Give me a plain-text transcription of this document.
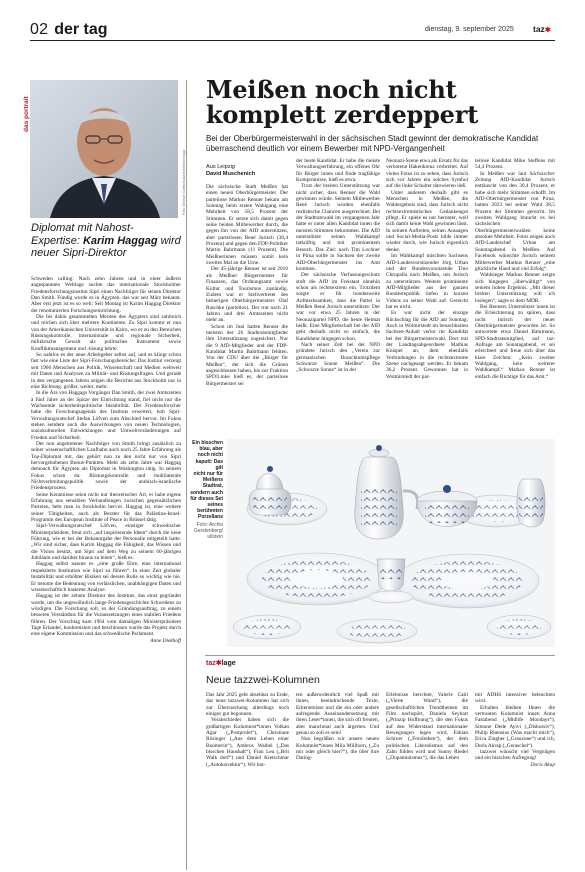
02 der tag	dienstag, 9. september 2025 taz✱
das portrait
Foto: Michael Gottschalk/photothek/Imago
Diplomat mit Nahost-Expertise: Karim Haggag wird neuer Sipri-Direktor

Schweden calling: Nach zehn Jahren und in einer äußerst angespannten Weltlage suchte das internationale Stockholmer Friedensforschungsinstitut Sipri einen Nachfolger für seinen Direktor Dan Smith. Fündig wurde es in Ägypten, das war seit März bekannt. Aber erst jetzt ist es so weit: Seit Montag ist Karim Haggag Direktor der renommierten Forschungseinrichtung.

Die bis dahin gesammelten Meriten des Ägypters sind zahlreich und reichen sich über mehrere Kontinente. Zu Sipri kommt er nun von der Amerikanischen Universität in Kairo, wo er zu den Bereichen Rüstungskontrolle, internationale und regionale Sicherheit, militärische Gewalt als politisches Instrument sowie Konfliktmanagement und -lösung lehrte.

So nahtlos es der neue Arbeitgeber selbst auf, und es klingt schon fast wie eine Liste der Sipri-Forschungsbereiche: Das Institut verzeigt seit 1966 Menschen aus Politik, Wissenschaft und Medien weltweit mit Daten und Analysen zu Militär- und Rüstungsfragen. Und gerade in den vergangenen Jahren zeigen die Berichte aus Stockholm nur in eine Richtung: größer, weiter, mehr.

In die Ära von Haggags Vorgänger Dan Smith, der zwei Amtszeiten à fünf Jahre an der Spitze der Einrichtung stand, fiel nicht nur die Wachsende sicherheitspolitische Instabilität. Der Friedensforscher habe die Forschungsagenda des Instituts erweitert, hob Sipri-Verwaltungsratschef Stefan Löfven zum Abschied hervor. Im Fokus stehen seitdem auch die Auswirkungen von neuen Technologien, soziokulturellen Entwicklungen und Umweltveränderungen auf Frieden und Sicherheit.

Der nun angetretener Nachfolger von Smith bringt zusätzlich zu seiner wissenschaftlichen Laufbahn auch noch 25 Jahre Erfahrung als Top-Diplomat mit, das gehört nun zu den nicht nur von Sipri hervorgehobenen Bonus-Punkten. Mehr als zehn Jahre war Haggag demnach für Ägypten als Diplomat in Washington tätig. In seinem Fokus schon da: Rüstungskontrolle und multilaterale Nichtverbreitungspolitik sowie der arabisch-israelische Friedensprozess.

Seine Kenntnisse seien nicht nur theoretischer Art, er habe eigene Erfahrung aus sensiblen Verhandlungen zwischen gegensätzlichen Parteien, hebt man in Stockholm hervor. Haggag ist, eine weitere seiner Tätigkeiten, auch als Berater für das Palästina-Israel-Programm des European Institute of Peace in Brüssel tätig.

Sipri-Verwaltungsratschef Löfven, einstiger schwedischer Ministerpräsident, freut sich „auf inspirierende Ideen“ durch die neue Führung, wie er bei der Bekanntgabe der Personalie mitgeteilt hatte. „Wir sind sicher, dass Karim Haggag die Fähigkeit, das Wissen und die Vision besitzt, um Sipri auf dem Weg zu seinem 60-jährigen Jubiläum und darüber hinaus zu leiten“, hieß es.

Haggag selbst nannte es „eine große Ehre, eine international respektierte Institution wie Sipri zu führen“. In einer Zeit globaler Instabilität und erhöhter Risiken sei dessen Rolle so wichtig wie nie. Er betonte die Bedeutung von verlässlichen, unabhängigen Daten und wissenschaftlich basierter Analyse.

Haggag ist der zehnte Direktor des Instituts, das einst gegründet wurde, um die ungewöhnlich lange Friedensgeschichte Schwedens zu würdigen. Die Forschung soll, so der Gründungsauftrag, zu einem besseren Verständnis für die Voraussetzungen eines stabilen Friedens führen. Der Vorschlag kam 1964 vom damaligen Ministerpräsident Tage Erlander, konkretisiert und beschlossen wurde das Projekt durch eine eigene Kommission und das schwedische Parlament.

Anne Diekhoff
Meißen noch nicht
komplett zerdeppert
Bei der Oberbürgermeisterwahl in der sächsischen Stadt gewinnt der demokratische Kandidat überraschend deutlich vor einem Bewerber mit NPD-Vergangenheit
Aus Leipzig
David Muschenich

Die sächsische Stadt Meißen hat einen neuen Oberbürgermeister. Der parteilose Markus Renner bekam am Sonntag beim ersten Wahlgang eine Mehrheit von 58,5 Prozent der Stimmen. Er setzte sich damit gegen seine beiden Mitbewerber durch, die gegen ihn von der AfD unterstützen, aber parteilosen René Jurisch (30,4 Prozent) und gegen den FDP-Politiker Martin Bahrmann (11 Prozent). Die Meißnerinnen müssen somit kein zweites Mal an die Urne.

Der 45-jährige Renner ist seit 2016 als Meißner Bürgermeister für Finanzen, das Ordnungsamt sowie Kultur und Tourismus zuständig. Zudem war er Stellvertreter des bisherigen Oberbürgermeisters Olaf Raschke (parteilos). Der trat nach 21 Jahren und drei Amtszeiten nicht mehr an.

Schon im Juni hatten Renner die meisten der 26 Stadtratsmitglieder ihre Unterstützung zugesichert. Nur die 9 AfD-Mitglieder und der FDP-Kandidat Martin Bahrmann fehlten. Von der CDU über die „Bürger für Meißen“, der sich die Grünen angeschlossen haben, bis zur Fraktion SPD/Linke hieß es, der parteilose Bürgermeister sei

der beste Kandidat. Er habe die meiste Verwaltungserfahrung, ein offenes Ohr für Bürger innen und finde tragfähige Kompromisse, hieß es etwa.

Trotz der breiten Unterstützung war nicht sicher, dass Renner die Wahl gewinnen würde. Seinem Mitbewerber René Jurisch wurden ebenfalls realistische Chancen ausgerechnet. Bei der Stadtratswahl im vergangenen Jahr hatte er unter allen Kandidat innen die meisten Stimmen bekommen. Die AfD unterstützte seinen Wahlkampf tatkräftig und mit prominentem Besuch. Das Ziel: nach Tim Lochner in Pirna sollte in Sachsen der zweite AfD-Oberbürgermeister ins Amt kommen.

Der sächsische Verfassungsschutz stuft die AfD im Freistaat ohnehin schon als rechtsextrem ein. Trotzdem sorgte er für bundesweite Aufmerksamkeit, dass die Partei in Meißen René Jurisch unterstützte: Der war vor etwa 25 Jahren in der Neonazipartei NPD, die heute Heimat heißt. Eine Mitgliedschaft bei der AfD geht deshalb nicht so einfach, die Kandidatur hingegen schon.

Nach seiner Zeit bei der NPD gründete Jurisch den „Verein zur germanischen Brauchtumspflege Schwarze Sonne Meißen“. Die „Schwarze Sonne“ ist in der

Neonazi-Szene etwa als Ersatz für das verbotene Hakenkreuz verbreitet. Auf vielen Fotos ist zu sehen, dass Jurisch sich vor Jahren ein solches Symbol auf die linke Schulter tätowieren ließ.

Unter anderem deshalb gibt es Menschen in Meißen, die Wahlergebnis sind, dass Jurisch nicht rechtsextremistisches Gedankengut pflegt. Er spiele es nur herunter, weil sich damit keine Wahl gewinnen lässt. In seinem Auftreten, seinen Aussagen und Social-Media-Posts bilde immer wieder durch, wie Jurisch eigentlich denke.

Im Wahlkampf mischten Sachsens AfD-Landesvorsitzender Jörg Urban und der Bundesvorsitzende Tino Chrupalla nach Meißen, um Jurisch zu unterstützen. Weitere prominente AfD-Mitglieder aus der ganzen Bundesrepublik riefen in kurzen Videos zu seiner Wahl auf. Gereicht hat es nicht.

Es war nicht der einzige Rückschlag für die AfD am Sonntag: Auch in Wolmirstedt im benachbarten Sachsen-Anhalt verlor ihr Kandidat bei der Bürgermeisterwahl. Dort trat der Landtagsabgeordnete Mathias Knispel an, dem ebenfalls Verbindungen in die rechtsextreme Szene nachgesagt werden. Er bekam 36,2 Prozent. Gewonnen hat in Wolmirstedt der par-

teilose Kandidat Mike Steffens mit 54,4 Prozent.

In Meißen war laut Sächsischer Zeitung AfD-Kandidat Jurisch enttäuscht von den 30,4 Prozent, er habe sich mehr Stimmen erhofft. Im AfD-Oberbürgermeister von Pirna, hatten 2023 bei seiner Wahl 38,5 Prozent der Stimmen gereicht. Im zweiten Wahlgang braucht es bei sächsischen Oberbürgermeisterwahlen keine absolute Mehrheit. Fotos zeigen auch AfD-Landeschef Urban am Sonntagabend in Meißen. Auf Facebook wünschte Jurisch seinem Mitbewerber Markus Renner „eine glückliche Hand und viel Erfolg“.

Wahlsieger Markus Renner zeigte sich hingegen „überwältigt“ von seinem hohen Ergebnis. „Mit dieser breiten Unterstützung will ich loslegen“, sagte er dem MDR.

Bei Renners Unterstützer innen ist die Erleichterung zu spüren, dass nicht Jurisch der neuer Oberbürgermeister geworden ist. So antwortete etwa Daniel Bahrmann, SPD-Stadtratsmitglied, auf taz-Anfrage am Sonntagabend, er sei erleichtert und freue sich über das klare Zeichen: „Kein zweiter Wahlgang, kein weiterer Wahlkampf.“ Markus Renner ist einfach die Richtige für das Amt.“

Ein bisschen
blau, aber
noch nicht
kaputt: Das gilt
nicht nur für
Meißens
Stadtrat,
sondern auch
für dieses Set
seines
berühmten
Porzellans
Foto: Archiv
Gerstenberg/
ullstein
taz✱lage
Neue tazzwei-Kolumnen

Das Jahr 2025 geht absehbar zu Ende, das neue tazzwei-Kolumnen hat sich zur Überraschung allerdings noch einiges gut begonnen.

Verabschiedet haben sich die großartigen Kolumnist*innen Volkan Agar („Postprolet“), Christiane Rösinger („Aus dem Leben einer Boomerin“), Ambros Waibel („Das bisschen Haushalt“), Frau Lea („Brit Walk dorf“) und Daniel Kretschmar („Autokorrektur“). Wir hat-

ten außerordentlich viel Spaß mit ihnen, beeindruckende Texte, Erkenntnisse und die ein oder andere aufregende Auseinandersetzung mit ihren Leser*innen, die sich oft freuten, aber manchmal auch ärgerten. Und genau so soll es sein!

Nun begrüßen wir unsere neuen Kolumnist*innen Mila Millhorn, („Zu mir oder gleich hier?“), die über ihre Dating-

Erlebnisse berichtet, Valerie Catil („Vierte Wand“), die gesellschaftlichen Trendthemen im Film nachspürt, Daniela Seyhart („Prinzip Hoffnung“), die den Fokus auf den Widerstand internationaler Bewegungen legen wird, Fabian Schroer („Freidrehen“), der dem politischen Liberalismus auf den Zahn fühlen wird und Sunny Riedel („Dopaminismus“), die das Leben

mit ADHS intensiver beleuchten wird.

Erhalten bleiben Ihnen die vertrauten Kolumnist innen Anna Fastabend („Midlife Mondays“), Simone Dede Ayivi („Diskursiv“), Philip Rhensius (Was macht mich“), Erica Zingher („Grauzone“) und ich, Doris Akrap („Geraschel“).

tazzwei wünscht viel Vergnügen und ein bisschen Aufregung!

Doris Akap
